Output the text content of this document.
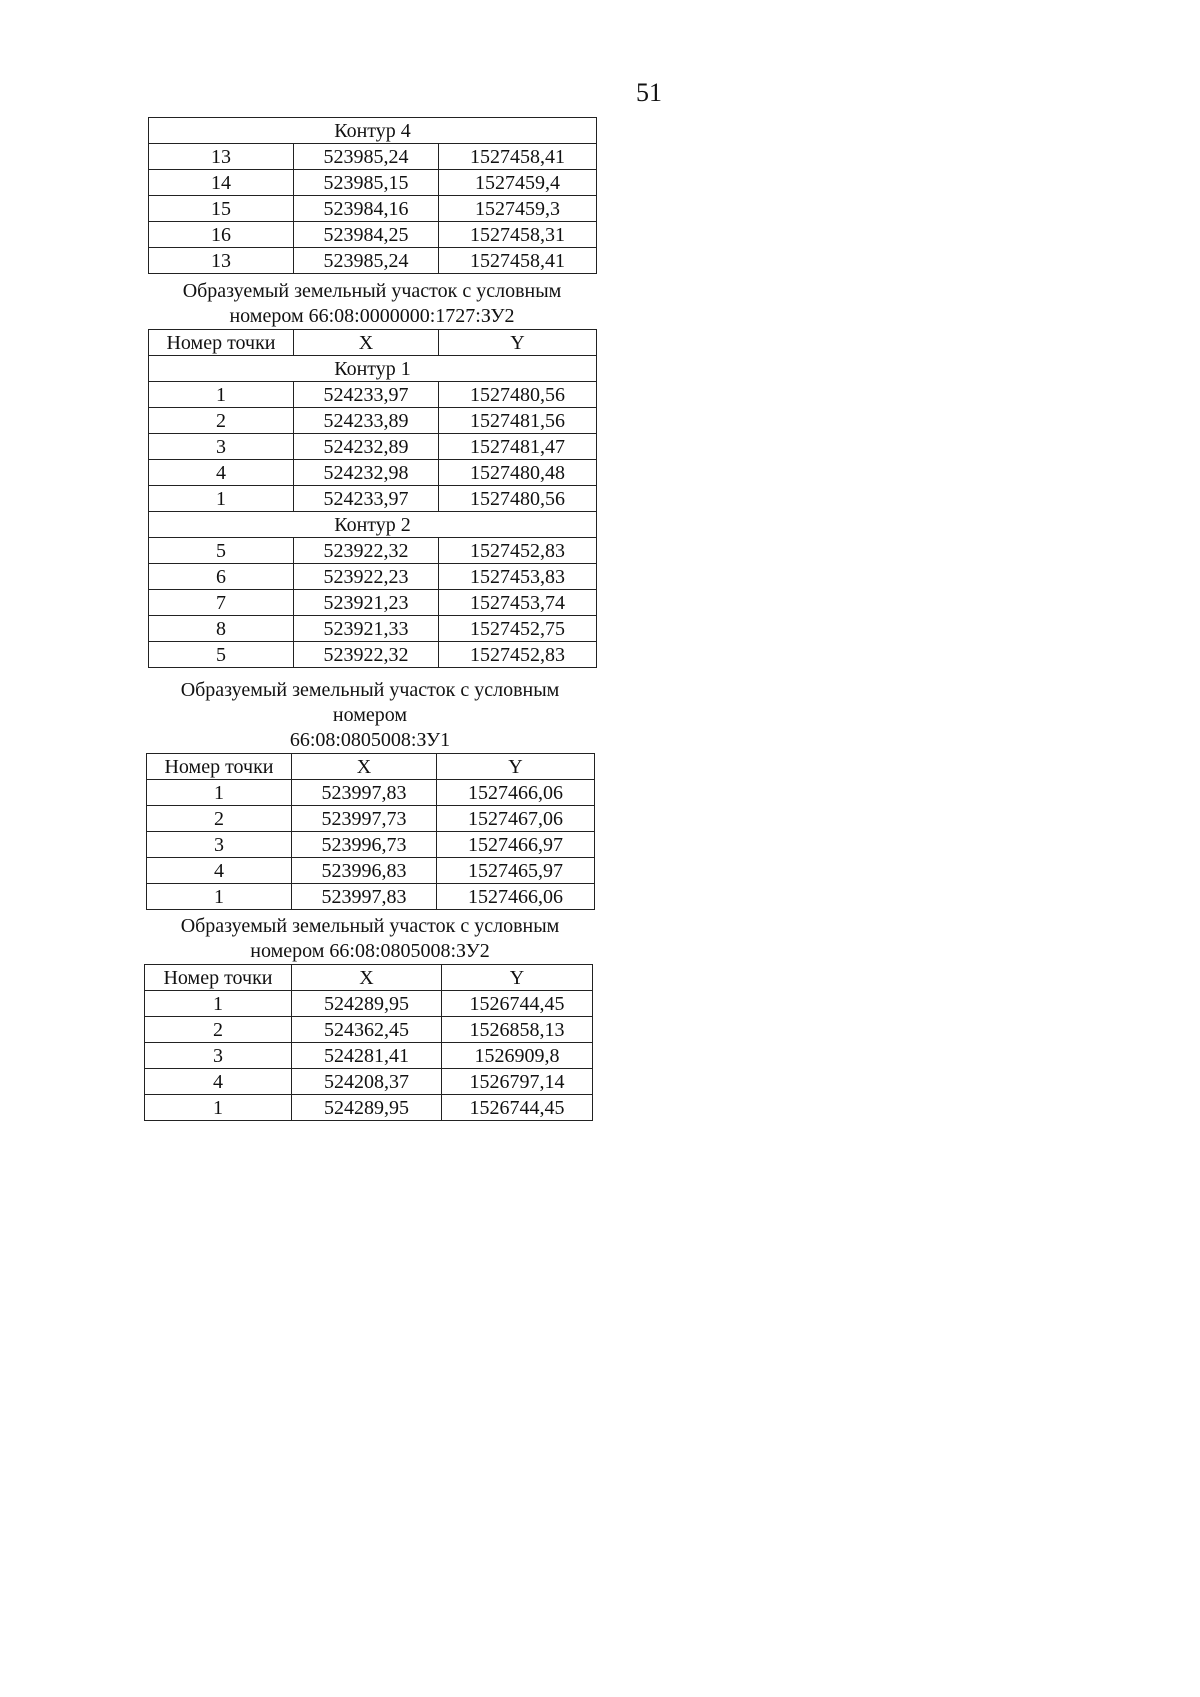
51
Контур 4		
13	523985,24	1527458,41
14	523985,15	1527459,4
15	523984,16	1527459,3
16	523984,25	1527458,31
13	523985,24	1527458,41
Образуемый земельный участок с условным
номером 66:08:0000000:1727:ЗУ2
Номер точки	X	Y
Контур 1		
1	524233,97	1527480,56
2	524233,89	1527481,56
3	524232,89	1527481,47
4	524232,98	1527480,48
1	524233,97	1527480,56
Контур 2		
5	523922,32	1527452,83
6	523922,23	1527453,83
7	523921,23	1527453,74
8	523921,33	1527452,75
5	523922,32	1527452,83
Образуемый земельный участок с условным
номером
66:08:0805008:ЗУ1
Номер точки	X	Y
1	523997,83	1527466,06
2	523997,73	1527467,06
3	523996,73	1527466,97
4	523996,83	1527465,97
1	523997,83	1527466,06
Образуемый земельный участок с условным
номером 66:08:0805008:ЗУ2
Номер точки	X	Y
1	524289,95	1526744,45
2	524362,45	1526858,13
3	524281,41	1526909,8
4	524208,37	1526797,14
1	524289,95	1526744,45
